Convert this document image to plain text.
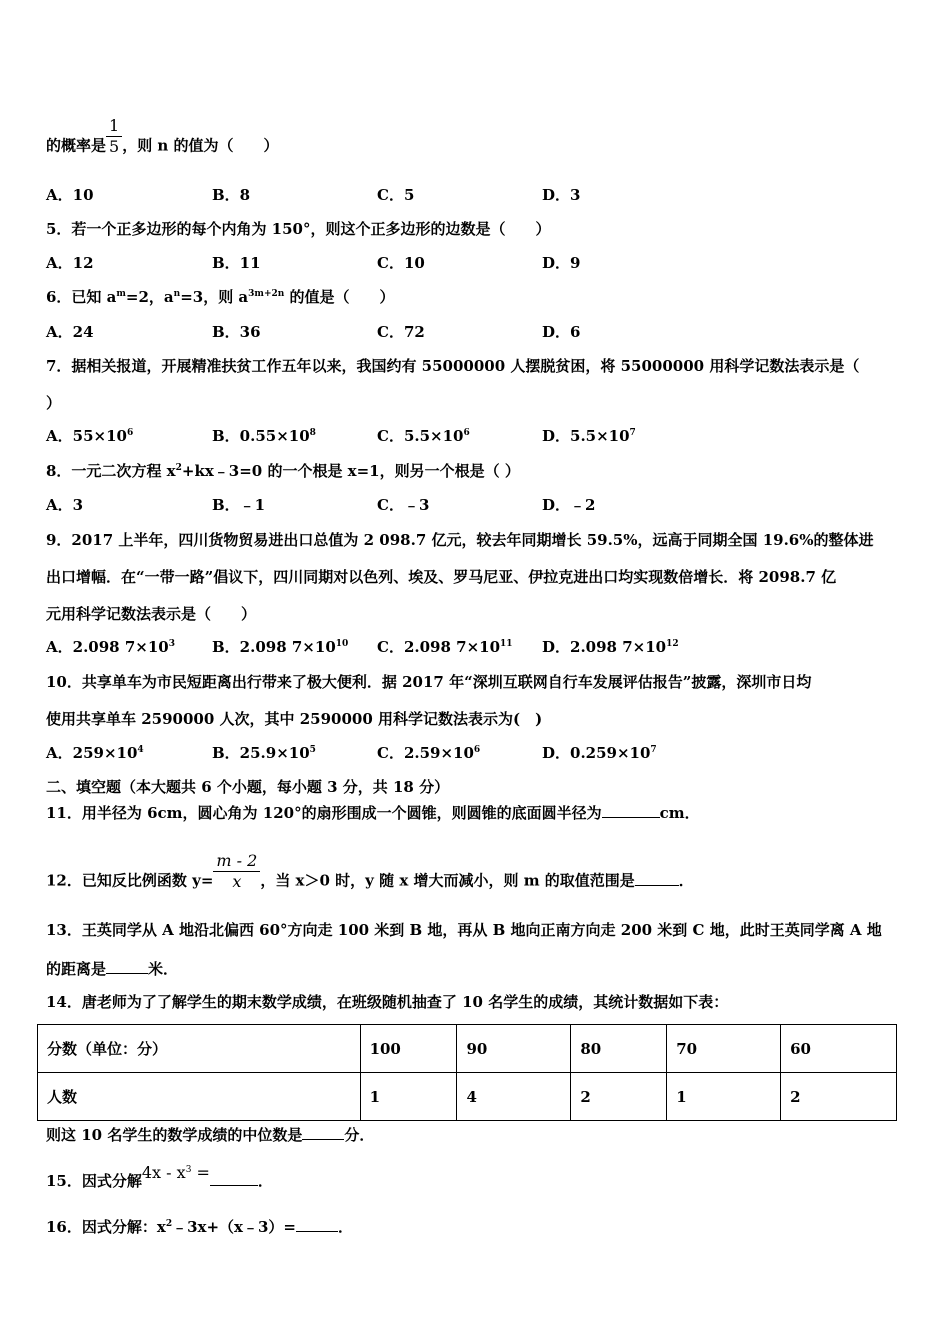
的概率是 $\frac{1}{5}$ ，则 n 的值为（　　）
A．10	B．8	C．5	D．3
5．若一个正多边形的每个内角为 150°，则这个正多边形的边数是（　　）
A．12	B．11	C．10	D．9
6．已知 $a^m=2$，$a^n=3$，则 $a^{3m+2n}$ 的值是（　　）
A．24	B．36	C．72	D．6
7．据相关报道，开展精准扶贫工作五年以来，我国约有 55000000 人摆脱贫困，将 55000000 用科学记数法表示是（
）
A．$55\times 10^6$	B．$0.55\times 10^8$	C．$5.5\times 10^6$	D．$5.5\times 10^7$
8．一元二次方程 $x^2+kx﹣3=0$ 的一个根是 x=1，则另一个根是（ ）
A．3	B．﹣1	C．﹣3	D．﹣2
9．2017 上半年，四川货物贸易进出口总值为 2 098.7 亿元，较去年同期增长 59.5%，远高于同期全国 19.6%的整体进
出口增幅．在“一带一路”倡议下，四川同期对以色列、埃及、罗马尼亚、伊拉克进出口均实现数倍增长．将 2098.7 亿
元用科学记数法表示是（　　）
A．2.098 $7\times 10^3$ B．2.098 $7\times 10^{10}$ C．2.098 $7\times 10^{11}$ D．2.098 $7\times 10^{12}$
10．共享单车为市民短距离出行带来了极大便利．据 2017 年“深圳互联网自行车发展评估报告”披露，深圳市日均
使用共享单车 2590000 人次，其中 2590000 用科学记数法表示为(　)
A．$259\times 10^4$	B．$25.9\times 10^5$	C．$2.59\times 10^6$	D．$0.259\times 10^7$
二、填空题（本大题共 6 个小题，每小题 3 分，共 18 分）
11．用半径为 6cm，圆心角为 120°的扇形围成一个圆锥，则圆锥的底面圆半径为	cm．
12．已知反比例函数 $y= \frac{m - 2}{x}$ ，当 x＞0 时，y 随 x 增大而减小，则 m 的取值范围是	．
13．王英同学从 A 地沿北偏西 60°方向走 100 米到 B 地，再从 B 地向正南方向走 200 米到 C 地，此时王英同学离 A 地
的距离是	米．
14．唐老师为了了解学生的期末数学成绩，在班级随机抽查了 10 名学生的成绩，其统计数据如下表：
分数（单位：分）	100	90	80	70	60
人数	1	4	2	1	2
则这 10 名学生的数学成绩的中位数是	分．
15．因式分解$4x - x^3$ =	．
16．因式分解：$x^2﹣3x+(x﹣3)=$	．
